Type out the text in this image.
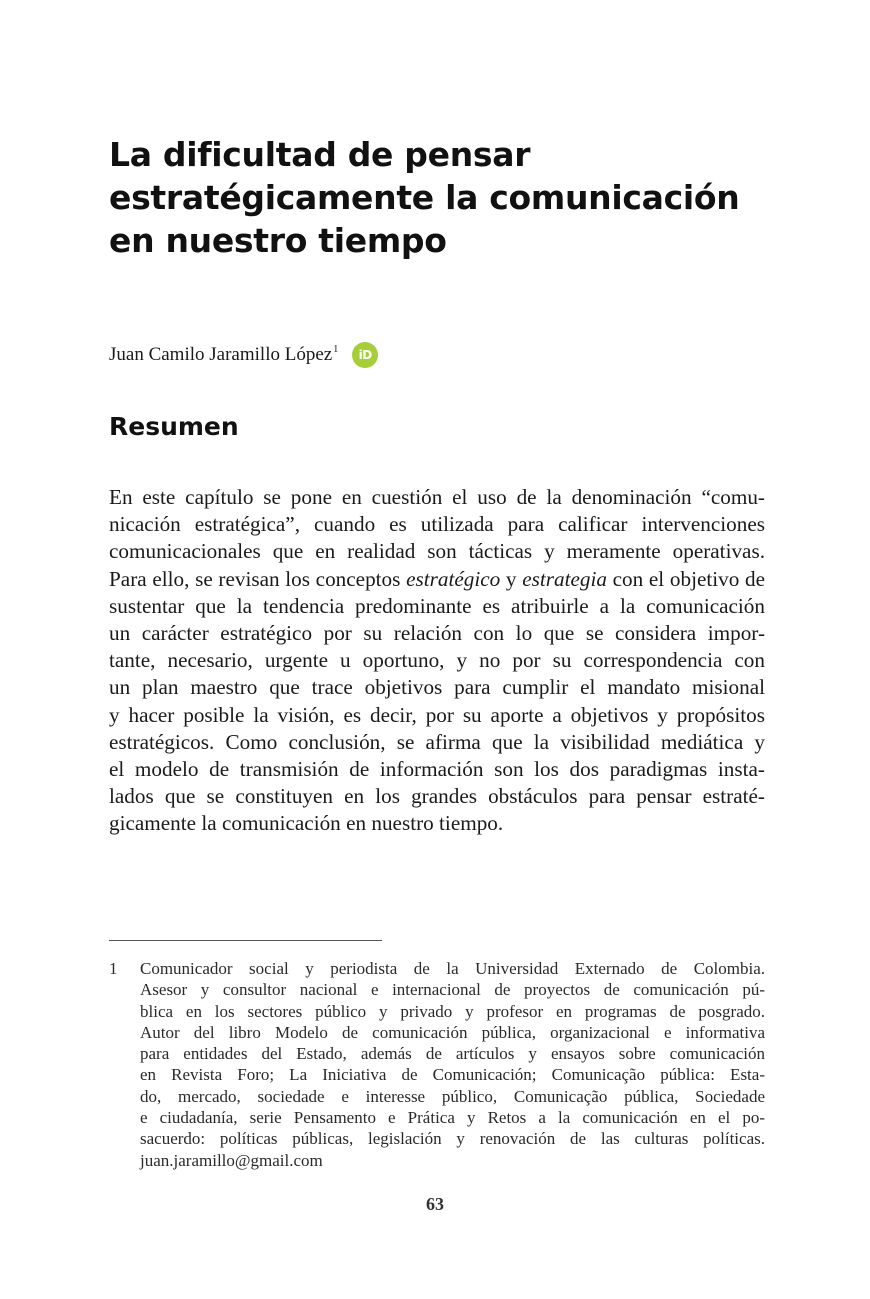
La dificultad de pensar
estratégicamente la comunicación
en nuestro tiempo
Juan Camilo Jaramillo López$^1$ iD
Resumen
En este capítulo se pone en cuestión el uso de la denominación “comu-
nicación estratégica”, cuando es utilizada para calificar intervenciones
comunicacionales que en realidad son tácticas y meramente operativas.
Para ello, se revisan los conceptos estratégico y estrategia con el objetivo de
sustentar que la tendencia predominante es atribuirle a la comunicación
un carácter estratégico por su relación con lo que se considera impor-
tante, necesario, urgente u oportuno, y no por su correspondencia con
un plan maestro que trace objetivos para cumplir el mandato misional
y hacer posible la visión, es decir, por su aporte a objetivos y propósitos
estratégicos. Como conclusión, se afirma que la visibilidad mediática y
el modelo de transmisión de información son los dos paradigmas insta-
lados que se constituyen en los grandes obstáculos para pensar estraté-
gicamente la comunicación en nuestro tiempo.
1 Comunicador social y periodista de la Universidad Externado de Colombia.
Asesor y consultor nacional e internacional de proyectos de comunicación pú-
blica en los sectores público y privado y profesor en programas de posgrado.
Autor del libro Modelo de comunicación pública, organizacional e informativa
para entidades del Estado, además de artículos y ensayos sobre comunicación
en Revista Foro; La Iniciativa de Comunicación; Comunicação pública: Esta-
do, mercado, sociedade e interesse público, Comunicação pública, Sociedade
e ciudadanía, serie Pensamento e Prática y Retos a la comunicación en el po-
sacuerdo: políticas públicas, legislación y renovación de las culturas políticas.
juan.jaramillo@gmail.com
63
